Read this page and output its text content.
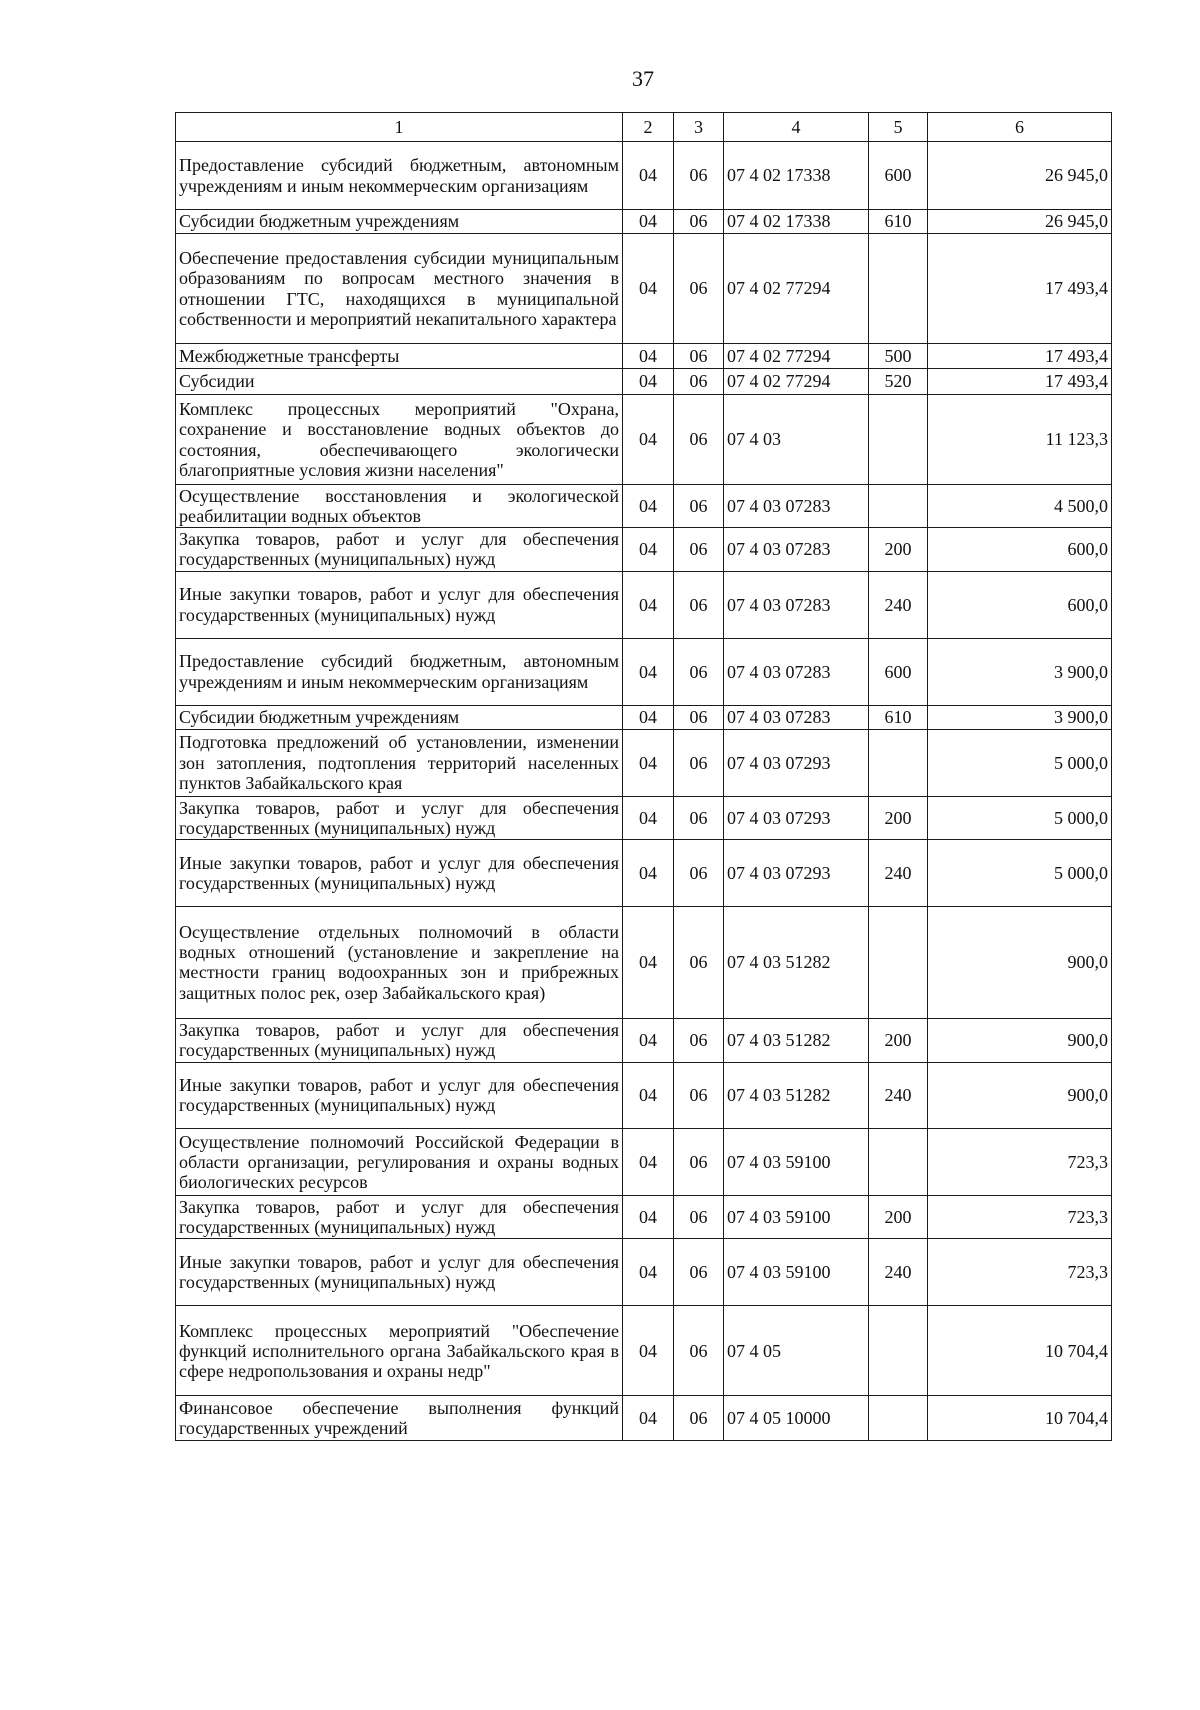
37
1	2	3	4	5	6
Предоставление субсидий бюджетным, автономным учреждениям и иным некоммерческим организациям	04	06	07 4 02 17338	600	26 945,0
Субсидии бюджетным учреждениям	04	06	07 4 02 17338	610	26 945,0
Обеспечение предоставления субсидии муниципальным образованиям по вопросам местного значения в отношении ГТС, находящихся в муниципальной собственности и мероприятий некапитального характера	04	06	07 4 02 77294		17 493,4
Межбюджетные трансферты	04	06	07 4 02 77294	500	17 493,4
Субсидии	04	06	07 4 02 77294	520	17 493,4
Комплекс процессных мероприятий "Охрана, сохранение и восстановление водных объектов до состояния, обеспечивающего экологически благоприятные условия жизни населения"	04	06	07 4 03		11 123,3
Осуществление восстановления и экологической реабилитации водных объектов	04	06	07 4 03 07283		4 500,0
Закупка товаров, работ и услуг для обеспечения государственных (муниципальных) нужд	04	06	07 4 03 07283	200	600,0
Иные закупки товаров, работ и услуг для обеспечения государственных (муниципальных) нужд	04	06	07 4 03 07283	240	600,0
Предоставление субсидий бюджетным, автономным учреждениям и иным некоммерческим организациям	04	06	07 4 03 07283	600	3 900,0
Субсидии бюджетным учреждениям	04	06	07 4 03 07283	610	3 900,0
Подготовка предложений об установлении, изменении зон затопления, подтопления территорий населенных пунктов Забайкальского края	04	06	07 4 03 07293		5 000,0
Закупка товаров, работ и услуг для обеспечения государственных (муниципальных) нужд	04	06	07 4 03 07293	200	5 000,0
Иные закупки товаров, работ и услуг для обеспечения государственных (муниципальных) нужд	04	06	07 4 03 07293	240	5 000,0
Осуществление отдельных полномочий в области водных отношений (установление и закрепление на местности границ водоохранных зон и прибрежных защитных полос рек, озер Забайкальского края)	04	06	07 4 03 51282		900,0
Закупка товаров, работ и услуг для обеспечения государственных (муниципальных) нужд	04	06	07 4 03 51282	200	900,0
Иные закупки товаров, работ и услуг для обеспечения государственных (муниципальных) нужд	04	06	07 4 03 51282	240	900,0
Осуществление полномочий Российской Федерации в области организации, регулирования и охраны водных биологических ресурсов	04	06	07 4 03 59100		723,3
Закупка товаров, работ и услуг для обеспечения государственных (муниципальных) нужд	04	06	07 4 03 59100	200	723,3
Иные закупки товаров, работ и услуг для обеспечения государственных (муниципальных) нужд	04	06	07 4 03 59100	240	723,3
Комплекс процессных мероприятий "Обеспечение функций исполнительного органа Забайкальского края в сфере недропользования и охраны недр"	04	06	07 4 05		10 704,4
Финансовое обеспечение выполнения функций государственных учреждений	04	06	07 4 05 10000		10 704,4
